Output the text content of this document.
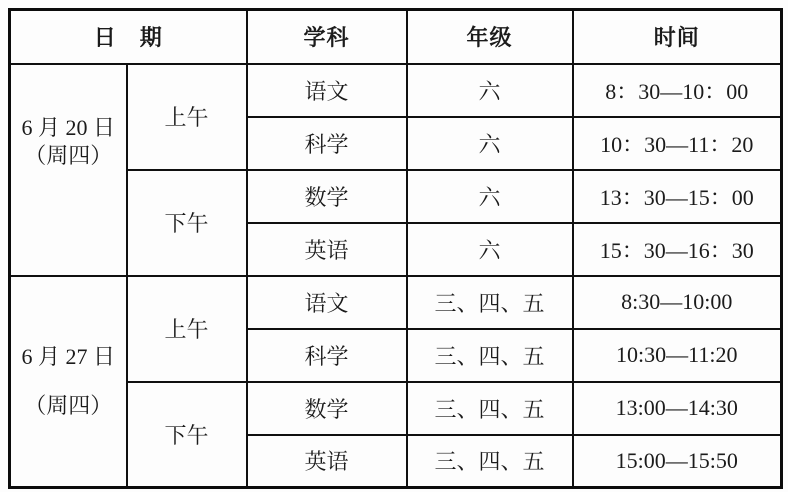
日　期		学科	年级	时间

6 月 20 日
（周四）	上午	语文	六	8：30—10：00
		科学	六	10：30—11：20
	下午	数学	六	13：30—15：00
		英语	六	15：30—16：30

6 月 27 日
（周四）	上午	语文	三、四、五	8:30—10:00
		科学	三、四、五	10:30—11:20
	下午	数学	三、四、五	13:00—14:30
		英语	三、四、五	15:00—15:50
